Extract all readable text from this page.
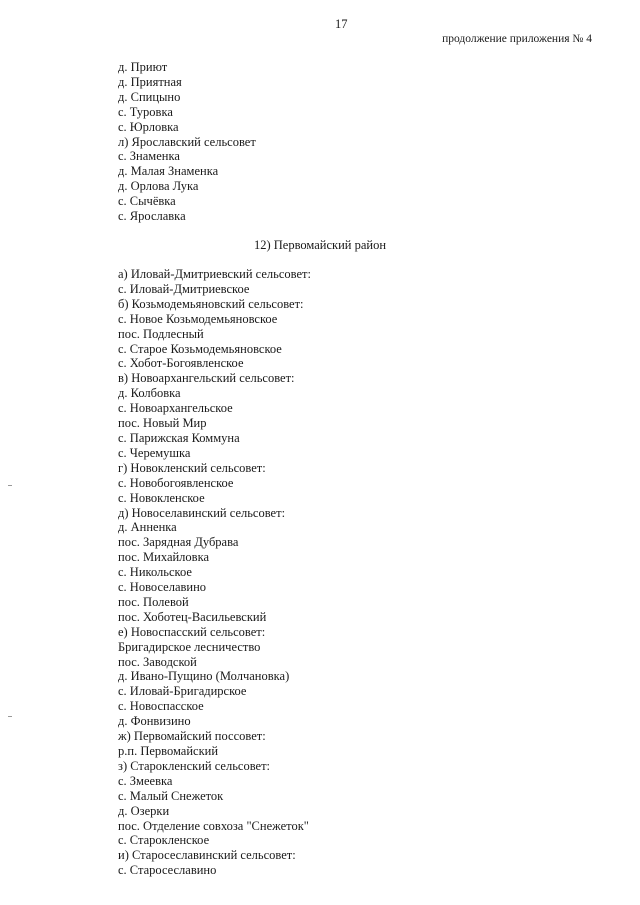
17
продолжение приложения № 4
д. Приют
д. Приятная
д. Спицыно
с. Туровка
с. Юрловка
л) Ярославский сельсовет
с. Знаменка
д. Малая Знаменка
д. Орлова Лука
с. Сычёвка
с. Ярославка
12) Первомайский район
а) Иловай-Дмитриевский сельсовет:
с. Иловай-Дмитриевское
б) Козьмодемьяновский сельсовет:
с. Новое Козьмодемьяновское
пос. Подлесный
с. Старое Козьмодемьяновское
с. Хобот-Богоявленское
в) Новоархангельский сельсовет:
д. Колбовка
с. Новоархангельское
пос. Новый Мир
с. Парижская Коммуна
с. Черемушка
г) Новокленский сельсовет:
с. Новобогоявленское
с. Новокленское
д) Новоселавинский сельсовет:
д. Анненка
пос. Зарядная Дубрава
пос. Михайловка
с. Никольское
с. Новоселавино
пос. Полевой
пос. Хоботец-Васильевский
е) Новоспасский сельсовет:
Бригадирское лесничество
пос. Заводской
д. Ивано-Пущино (Молчановка)
с. Иловай-Бригадирское
с. Новоспасское
д. Фонвизино
ж) Первомайский поссовет:
р.п. Первомайский
з) Старокленский сельсовет:
с. Змеевка
с. Малый Снежеток
д. Озерки
пос. Отделение совхоза "Снежеток"
с. Старокленское
и) Старосеславинский сельсовет:
с. Старосеславино
